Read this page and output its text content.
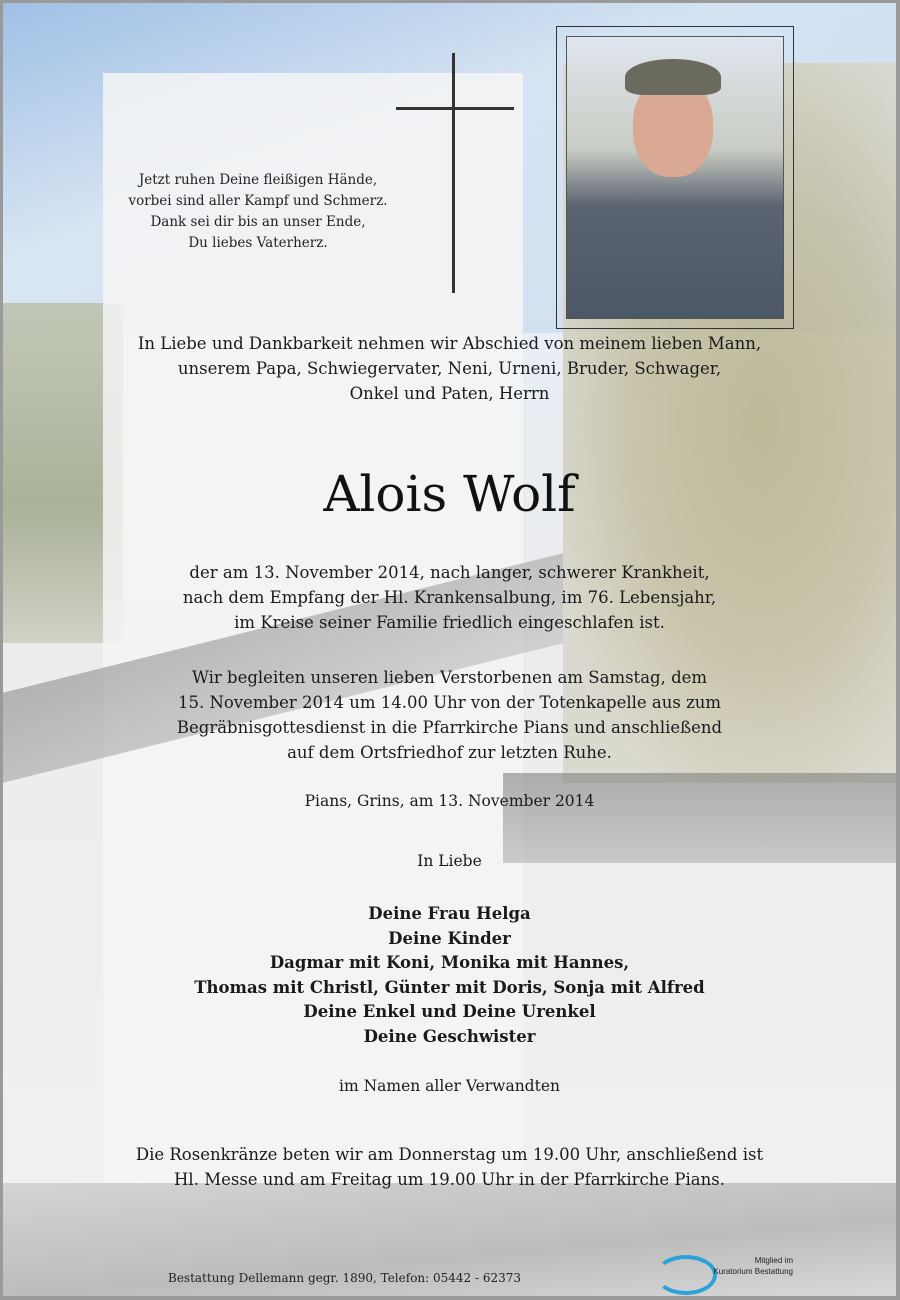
Jetzt ruhen Deine fleißigen Hände,
vorbei sind aller Kampf und Schmerz.
Dank sei dir bis an unser Ende,
Du liebes Vaterherz.
In Liebe und Dankbarkeit nehmen wir Abschied von meinem lieben Mann,
unserem Papa, Schwiegervater, Neni, Urneni, Bruder, Schwager,
Onkel und Paten, Herrn
Alois Wolf
der am 13. November 2014, nach langer, schwerer Krankheit,
nach dem Empfang der Hl. Krankensalbung, im 76. Lebensjahr,
im Kreise seiner Familie friedlich eingeschlafen ist.
Wir begleiten unseren lieben Verstorbenen am Samstag, dem
15. November 2014 um 14.00 Uhr von der Totenkapelle aus zum
Begräbnisgottesdienst in die Pfarrkirche Pians und anschließend
auf dem Ortsfriedhof zur letzten Ruhe.
Pians, Grins, am 13. November 2014
In Liebe
Deine Frau Helga
Deine Kinder
Dagmar mit Koni, Monika mit Hannes,
Thomas mit Christl, Günter mit Doris, Sonja mit Alfred
Deine Enkel und Deine Urenkel
Deine Geschwister
im Namen aller Verwandten
Die Rosenkränze beten wir am Donnerstag um 19.00 Uhr, anschließend ist
Hl. Messe und am Freitag um 19.00 Uhr in der Pfarrkirche Pians.
Bestattung Dellemann gegr. 1890, Telefon: 05442 - 62373
Mitglied im
Kuratorium Bestattung
